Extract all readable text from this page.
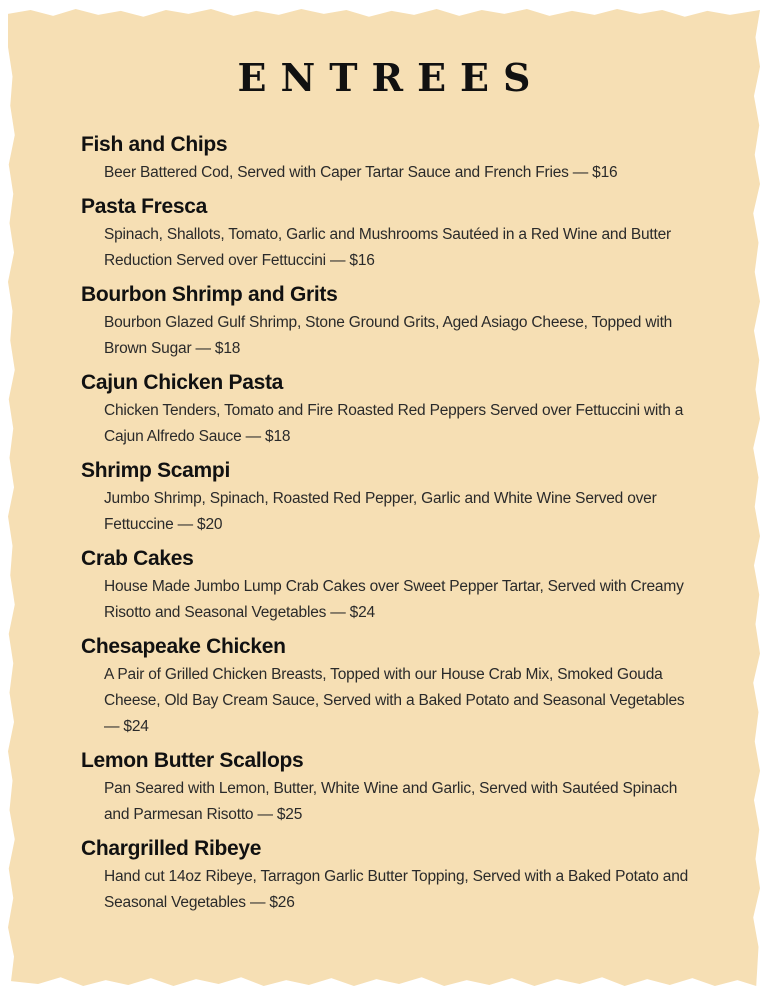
ENTREES
Fish and Chips
Beer Battered Cod, Served with Caper Tartar Sauce and French Fries — $16
Pasta Fresca
Spinach, Shallots, Tomato, Garlic and Mushrooms Sautéed in a Red Wine and Butter Reduction Served over Fettuccini — $16
Bourbon Shrimp and Grits
Bourbon Glazed Gulf Shrimp, Stone Ground Grits, Aged Asiago Cheese, Topped with Brown Sugar — $18
Cajun Chicken Pasta
Chicken Tenders, Tomato and Fire Roasted Red Peppers Served over Fettuccini with a Cajun Alfredo Sauce — $18
Shrimp Scampi
Jumbo Shrimp, Spinach, Roasted Red Pepper, Garlic and White Wine Served over Fettuccine — $20
Crab Cakes
House Made Jumbo Lump Crab Cakes over Sweet Pepper Tartar, Served with Creamy Risotto and Seasonal Vegetables — $24
Chesapeake Chicken
A Pair of Grilled Chicken Breasts, Topped with our House Crab Mix, Smoked Gouda Cheese, Old Bay Cream Sauce, Served with a Baked Potato and Seasonal Vegetables — $24
Lemon Butter Scallops
Pan Seared with Lemon, Butter, White Wine and Garlic, Served with Sautéed Spinach and Parmesan Risotto — $25
Chargrilled Ribeye
Hand cut 14oz Ribeye, Tarragon Garlic Butter Topping, Served with a Baked Potato and Seasonal Vegetables — $26
